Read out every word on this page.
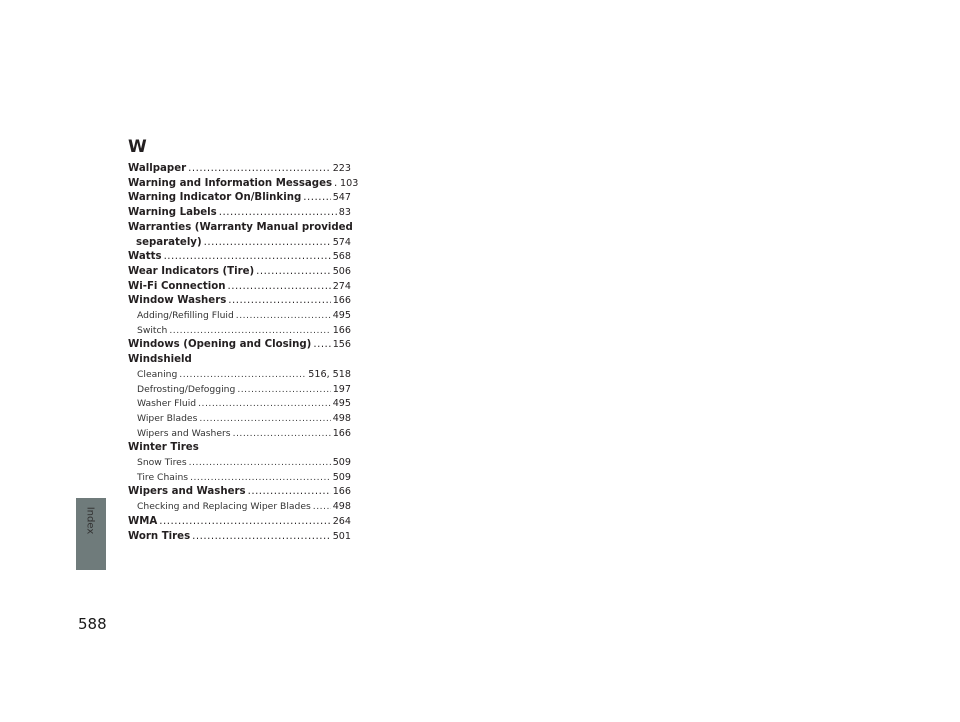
Index
W
Wallpaper .....	223
Warning and Information Messages ..... 103
Warning Indicator On/Blinking .....	547
Warning Labels .....	83
Warranties (Warranty Manual provided
separately) .....	574
Watts .....	568
Wear Indicators (Tire) .....	506
Wi-Fi Connection .....	274
Window Washers .....	166
Adding/Refilling Fluid .....	495
Switch .....	166
Windows (Opening and Closing) ..... 156
Windshield
Cleaning .....	516, 518
Defrosting/Defogging .....	197
Washer Fluid .....	495
Wiper Blades .....	498
Wipers and Washers .....	166
Winter Tires
Snow Tires .....	509
Tire Chains .....	509
Wipers and Washers .....	166
Checking and Replacing Wiper Blades ..... 498
WMA .....	264
Worn Tires .....	501
588
